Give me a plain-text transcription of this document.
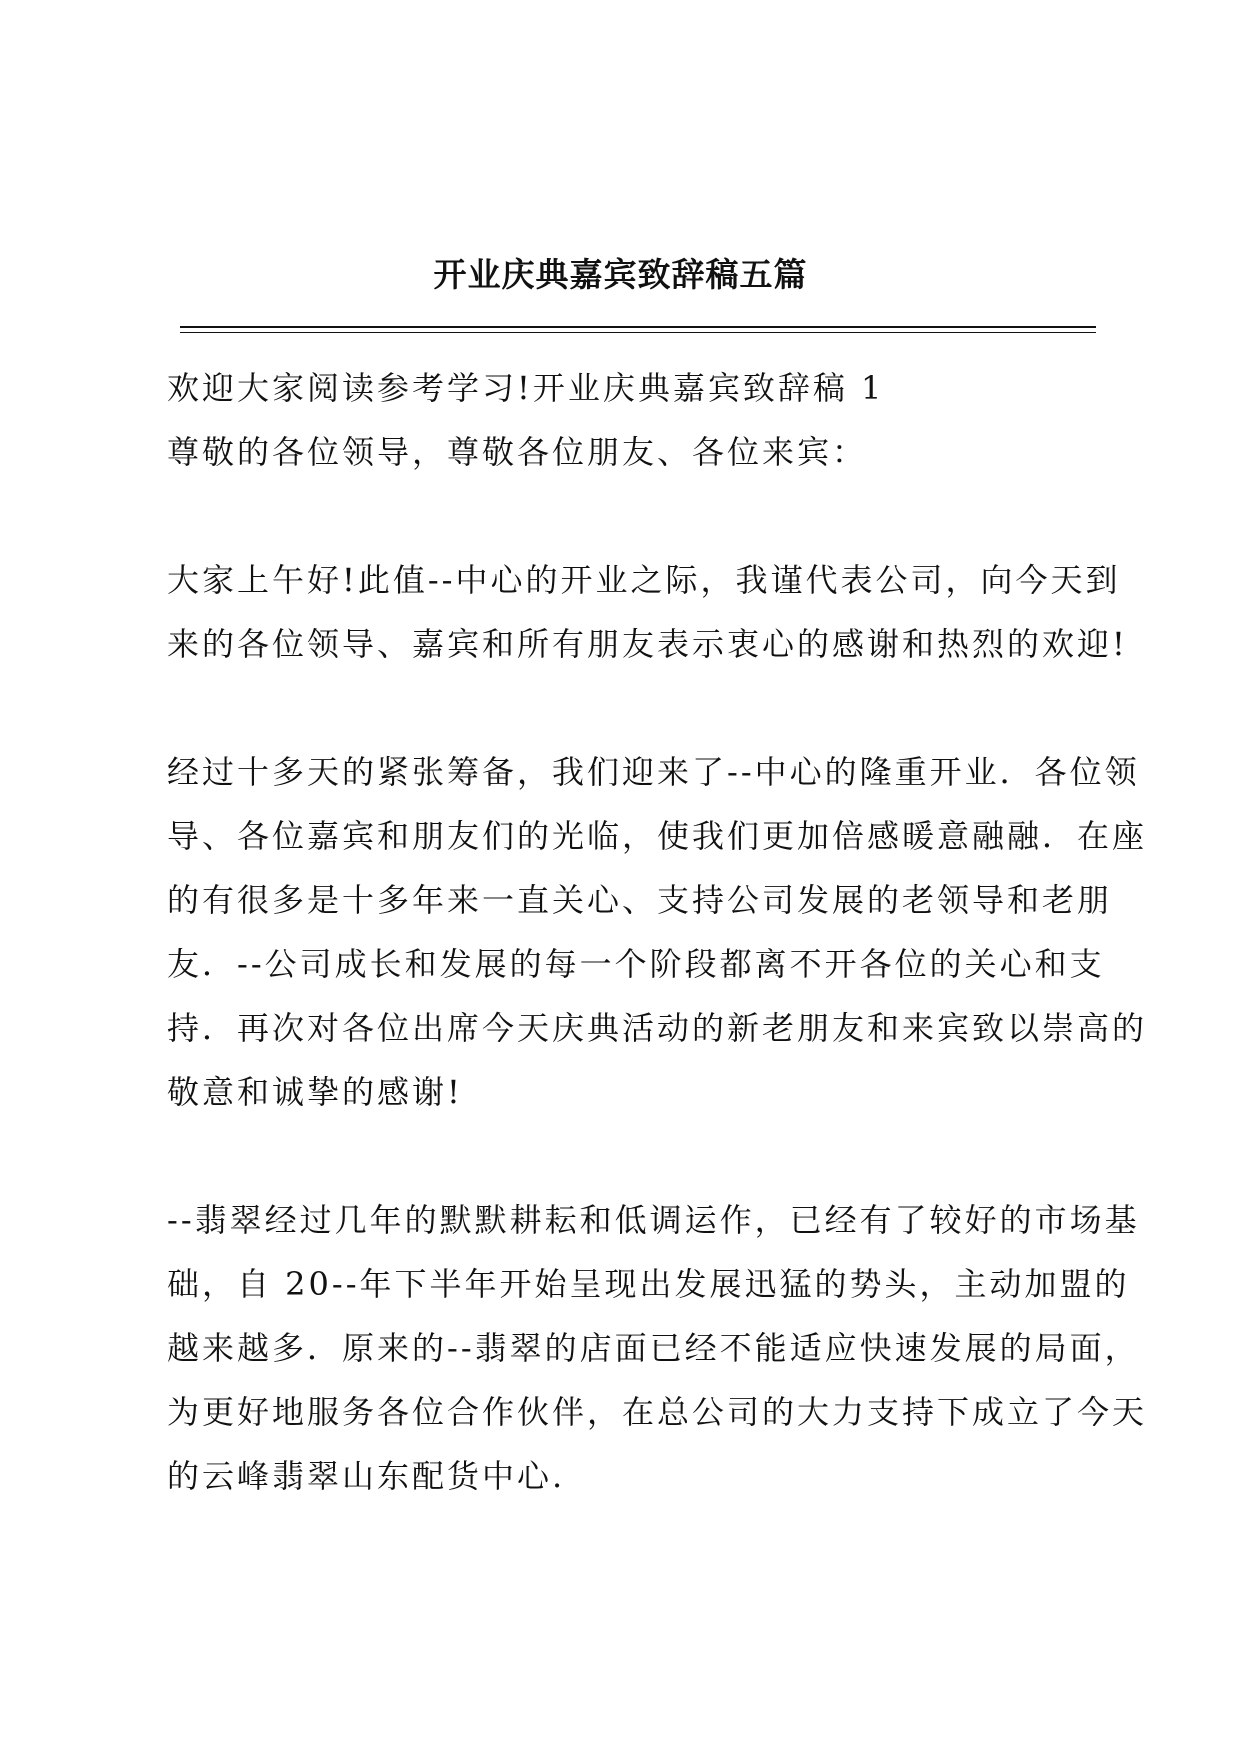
开业庆典嘉宾致辞稿五篇

欢迎大家阅读参考学习!开业庆典嘉宾致辞稿 1

尊敬的各位领导，尊敬各位朋友、各位来宾：

大家上午好!此值--中心的开业之际，我谨代表公司，向今天到

来的各位领导、嘉宾和所有朋友表示衷心的感谢和热烈的欢迎!

经过十多天的紧张筹备，我们迎来了--中心的隆重开业．各位领

导、各位嘉宾和朋友们的光临，使我们更加倍感暖意融融．在座

的有很多是十多年来一直关心、支持公司发展的老领导和老朋

友．--公司成长和发展的每一个阶段都离不开各位的关心和支

持．再次对各位出席今天庆典活动的新老朋友和来宾致以崇高的

敬意和诚挚的感谢!

--翡翠经过几年的默默耕耘和低调运作，已经有了较好的市场基

础，自 20--年下半年开始呈现出发展迅猛的势头，主动加盟的

越来越多．原来的--翡翠的店面已经不能适应快速发展的局面，

为更好地服务各位合作伙伴，在总公司的大力支持下成立了今天

的云峰翡翠山东配货中心.
